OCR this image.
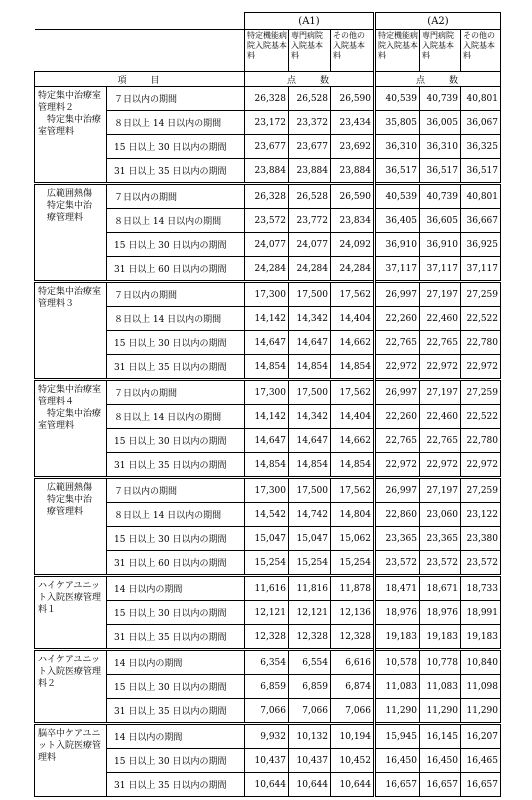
		(A1)			(A2)		
		特定機能病院入院基本料	専門病院入院基本料	その他の入院基本料	特定機能病院入院基本料	専門病院入院基本料	その他の入院基本料
項　　目		点　　数			点　　数		
特定集中治療室管理料２
　特定集中治療室管理料	７日以内の期間	26,328	26,528	26,590	40,539	40,739	40,801
	８日以上 14 日以内の期間	23,172	23,372	23,434	35,805	36,005	36,067
	15 日以上 30 日以内の期間	23,677	23,677	23,692	36,310	36,310	36,325
	31 日以上 35 日以内の期間	23,884	23,884	23,884	36,517	36,517	36,517
　広範囲熱傷
　特定集中治
　療管理料	７日以内の期間	26,328	26,528	26,590	40,539	40,739	40,801
	８日以上 14 日以内の期間	23,572	23,772	23,834	36,405	36,605	36,667
	15 日以上 30 日以内の期間	24,077	24,077	24,092	36,910	36,910	36,925
	31 日以上 60 日以内の期間	24,284	24,284	24,284	37,117	37,117	37,117
特定集中治療室管理料３	７日以内の期間	17,300	17,500	17,562	26,997	27,197	27,259
	８日以上 14 日以内の期間	14,142	14,342	14,404	22,260	22,460	22,522
	15 日以上 30 日以内の期間	14,647	14,647	14,662	22,765	22,765	22,780
	31 日以上 35 日以内の期間	14,854	14,854	14,854	22,972	22,972	22,972
特定集中治療室管理料４
　特定集中治療室管理料	７日以内の期間	17,300	17,500	17,562	26,997	27,197	27,259
	８日以上 14 日以内の期間	14,142	14,342	14,404	22,260	22,460	22,522
	15 日以上 30 日以内の期間	14,647	14,647	14,662	22,765	22,765	22,780
	31 日以上 35 日以内の期間	14,854	14,854	14,854	22,972	22,972	22,972
　広範囲熱傷
　特定集中治
　療管理料	７日以内の期間	17,300	17,500	17,562	26,997	27,197	27,259
	８日以上 14 日以内の期間	14,542	14,742	14,804	22,860	23,060	23,122
	15 日以上 30 日以内の期間	15,047	15,047	15,062	23,365	23,365	23,380
	31 日以上 60 日以内の期間	15,254	15,254	15,254	23,572	23,572	23,572
ハイケアユニット入院医療管理料１	14 日以内の期間	11,616	11,816	11,878	18,471	18,671	18,733
	15 日以上 30 日以内の期間	12,121	12,121	12,136	18,976	18,976	18,991
	31 日以上 35 日以内の期間	12,328	12,328	12,328	19,183	19,183	19,183
ハイケアユニット入院医療管理料２	14 日以内の期間	6,354	6,554	6,616	10,578	10,778	10,840
	15 日以上 30 日以内の期間	6,859	6,859	6,874	11,083	11,083	11,098
	31 日以上 35 日以内の期間	7,066	7,066	7,066	11,290	11,290	11,290
脳卒中ケアユニット入院医療管理料	14 日以内の期間	9,932	10,132	10,194	15,945	16,145	16,207
	15 日以上 30 日以内の期間	10,437	10,437	10,452	16,450	16,450	16,465
	31 日以上 35 日以内の期間	10,644	10,644	10,644	16,657	16,657	16,657
